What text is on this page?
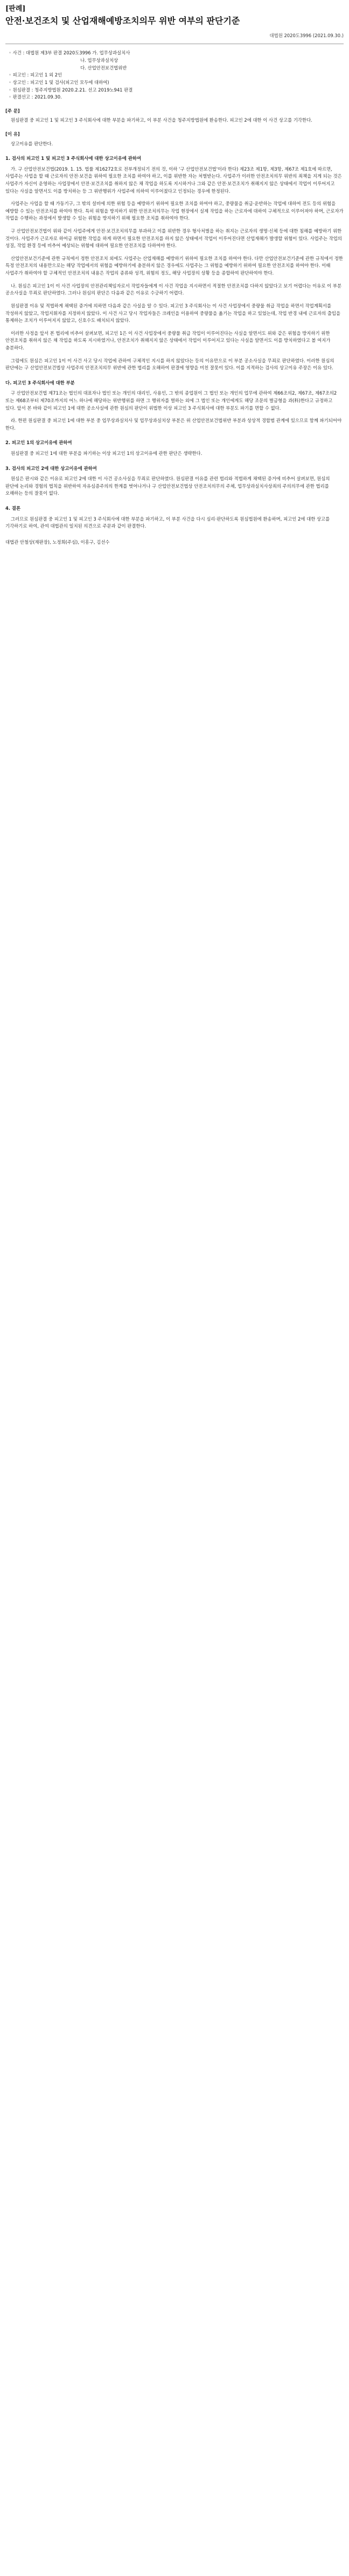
[판례]
안전·보건조치 및 산업재해예방조치의무 위반 여부의 판단기준
대법원 2020도3996 (2021.09.30.)
◦ 사건 : 대법원 제3부 판결 2020도3996 가. 업무상과실치사
나. 업무상과실치상
다. 산업안전보건법위반
◦ 피고인 : 피고인 1 외 2인
◦ 상고인 : 피고인 1 및 검사(피고인 모두에 대하여)
◦ 원심판결 : 청주지방법원 2020.2.21. 선고 2019노941 판결
◦ 판결선고 : 2021.09.30.
[주 문]

원심판결 중 피고인 1 및 피고인 3 주식회사에 대한 부분을 파기하고, 이 부분 사건을 청주지방법원에 환송한다. 피고인 2에 대한 이 사건 상고를 기각한다.

[이 유]

상고이유를 판단한다.

1. 검사의 피고인 1 및 피고인 3 주식회사에 대한 상고이유에 관하여

가. 구 산업안전보건법(2019. 1. 15. 법률 제16272호로 전부개정되기 전의 것, 이하 '구 산업안전보건법'이라 한다) 제23조 제1항, 제3항, 제67조 제1호에 따르면, 사업주는 사업을 할 때 근로자의 안전·보건을 위하여 필요한 조치를 하여야 하고, 이를 위반한 자는 처벌받는다. 사업주가 이러한 안전조치의무 위반의 죄책을 지게 되는 것은 사업주가 자신이 운영하는 사업장에서 안전·보건조치를 취하지 않은 채 작업을 하도록 지시하거나 그와 같은 안전·보건조치가 취해지지 않은 상태에서 작업이 이루어지고 있다는 사실을 알면서도 이를 방치하는 등 그 위반행위가 사업주에 의하여 이루어졌다고 인정되는 경우에 한정된다.

사업주는 사업을 할 때 가동기구, 그 밖의 설비에 의한 위험 등을 예방하기 위하여 필요한 조치를 하여야 하고, 중량물을 취급·운반하는 작업에 대하여 전도 등의 위험을 예방할 수 있는 안전조치를 하여야 한다. 특히 위험을 방지하기 위한 안전조치의무는 작업 현장에서 실제 작업을 하는 근로자에 대하여 구체적으로 이루어져야 하며, 근로자가 작업을 수행하는 과정에서 발생할 수 있는 위험을 방지하기 위해 필요한 조치를 취하여야 한다.

구 산업안전보건법이 위와 같이 사업주에게 안전·보건조치의무를 부과하고 이를 위반한 경우 형사처벌을 하는 취지는 근로자의 생명·신체 등에 대한 침해를 예방하기 위한 것이다. 사업주가 근로자로 하여금 위험한 작업을 하게 하면서 필요한 안전조치를 하지 않은 상태에서 작업이 이루어진다면 산업재해가 발생할 위험이 있다. 사업주는 작업의 성질, 작업 환경 등에 비추어 예상되는 위험에 대하여 필요한 안전조치를 다하여야 한다.

산업안전보건기준에 관한 규칙에서 정한 안전조치 외에도 사업주는 산업재해를 예방하기 위하여 필요한 조치를 하여야 한다. 다만 산업안전보건기준에 관한 규칙에서 정한 특정 안전조치의 내용만으로는 해당 작업에서의 위험을 예방하기에 충분하지 않은 경우에도 사업주는 그 위험을 예방하기 위하여 필요한 안전조치를 하여야 한다. 이때 사업주가 취하여야 할 구체적인 안전조치의 내용은 작업의 종류와 성격, 위험의 정도, 해당 사업장의 상황 등을 종합하여 판단하여야 한다.

나. 원심은 피고인 1이 이 사건 사업장의 안전관리책임자로서 작업자들에게 이 사건 작업을 지시하면서 적절한 안전조치를 다하지 않았다고 보기 어렵다는 이유로 이 부분 공소사실을 무죄로 판단하였다. 그러나 원심의 판단은 다음과 같은 이유로 수긍하기 어렵다.

원심판결 이유 및 적법하게 채택된 증거에 의하면 다음과 같은 사실을 알 수 있다. 피고인 3 주식회사는 이 사건 사업장에서 중량물 취급 작업을 하면서 작업계획서를 작성하지 않았고, 작업지휘자를 지정하지 않았다. 이 사건 사고 당시 작업자들은 크레인을 이용하여 중량물을 옮기는 작업을 하고 있었는데, 작업 반경 내에 근로자의 출입을 통제하는 조치가 이루어지지 않았고, 신호수도 배치되지 않았다.

이러한 사정을 앞서 본 법리에 비추어 살펴보면, 피고인 1은 이 사건 사업장에서 중량물 취급 작업이 이루어진다는 사실을 알면서도 위와 같은 위험을 방지하기 위한 안전조치를 취하지 않은 채 작업을 하도록 지시하였거나, 안전조치가 취해지지 않은 상태에서 작업이 이루어지고 있다는 사실을 알면서도 이를 방치하였다고 볼 여지가 충분하다.

그럼에도 원심은 피고인 1이 이 사건 사고 당시 작업에 관하여 구체적인 지시를 하지 않았다는 등의 이유만으로 이 부분 공소사실을 무죄로 판단하였다. 이러한 원심의 판단에는 구 산업안전보건법상 사업주의 안전조치의무 위반에 관한 법리를 오해하여 판결에 영향을 미친 잘못이 있다. 이를 지적하는 검사의 상고이유 주장은 이유 있다.

다. 피고인 3 주식회사에 대한 부분

구 산업안전보건법 제71조는 법인의 대표자나 법인 또는 개인의 대리인, 사용인, 그 밖의 종업원이 그 법인 또는 개인의 업무에 관하여 제66조의2, 제67조, 제67조의2 또는 제68조부터 제70조까지의 어느 하나에 해당하는 위반행위를 하면 그 행위자를 벌하는 외에 그 법인 또는 개인에게도 해당 조문의 벌금형을 과(科)한다고 규정하고 있다. 앞서 본 바와 같이 피고인 1에 대한 공소사실에 관한 원심의 판단이 위법한 이상 피고인 3 주식회사에 대한 부분도 파기를 면할 수 없다.

라. 한편 원심판결 중 피고인 1에 대한 부분 중 업무상과실치사 및 업무상과실치상 부분은 위 산업안전보건법위반 부분과 상상적 경합범 관계에 있으므로 함께 파기되어야 한다.

2. 피고인 1의 상고이유에 관하여

원심판결 중 피고인 1에 대한 부분을 파기하는 이상 피고인 1의 상고이유에 관한 판단은 생략한다.

3. 검사의 피고인 2에 대한 상고이유에 관하여

원심은 판시와 같은 이유로 피고인 2에 대한 이 사건 공소사실을 무죄로 판단하였다. 원심판결 이유를 관련 법리와 적법하게 채택된 증거에 비추어 살펴보면, 원심의 판단에 논리와 경험의 법칙을 위반하여 자유심증주의의 한계를 벗어나거나 구 산업안전보건법상 안전조치의무의 주체, 업무상과실치사상죄의 주의의무에 관한 법리를 오해하는 등의 잘못이 없다.

4. 결론

그러므로 원심판결 중 피고인 1 및 피고인 3 주식회사에 대한 부분을 파기하고, 이 부분 사건을 다시 심리·판단하도록 원심법원에 환송하며, 피고인 2에 대한 상고를 기각하기로 하여, 관여 대법관의 일치된 의견으로 주문과 같이 판결한다.

대법관 안철상(재판장), 노정희(주심), 이흥구, 김선수
